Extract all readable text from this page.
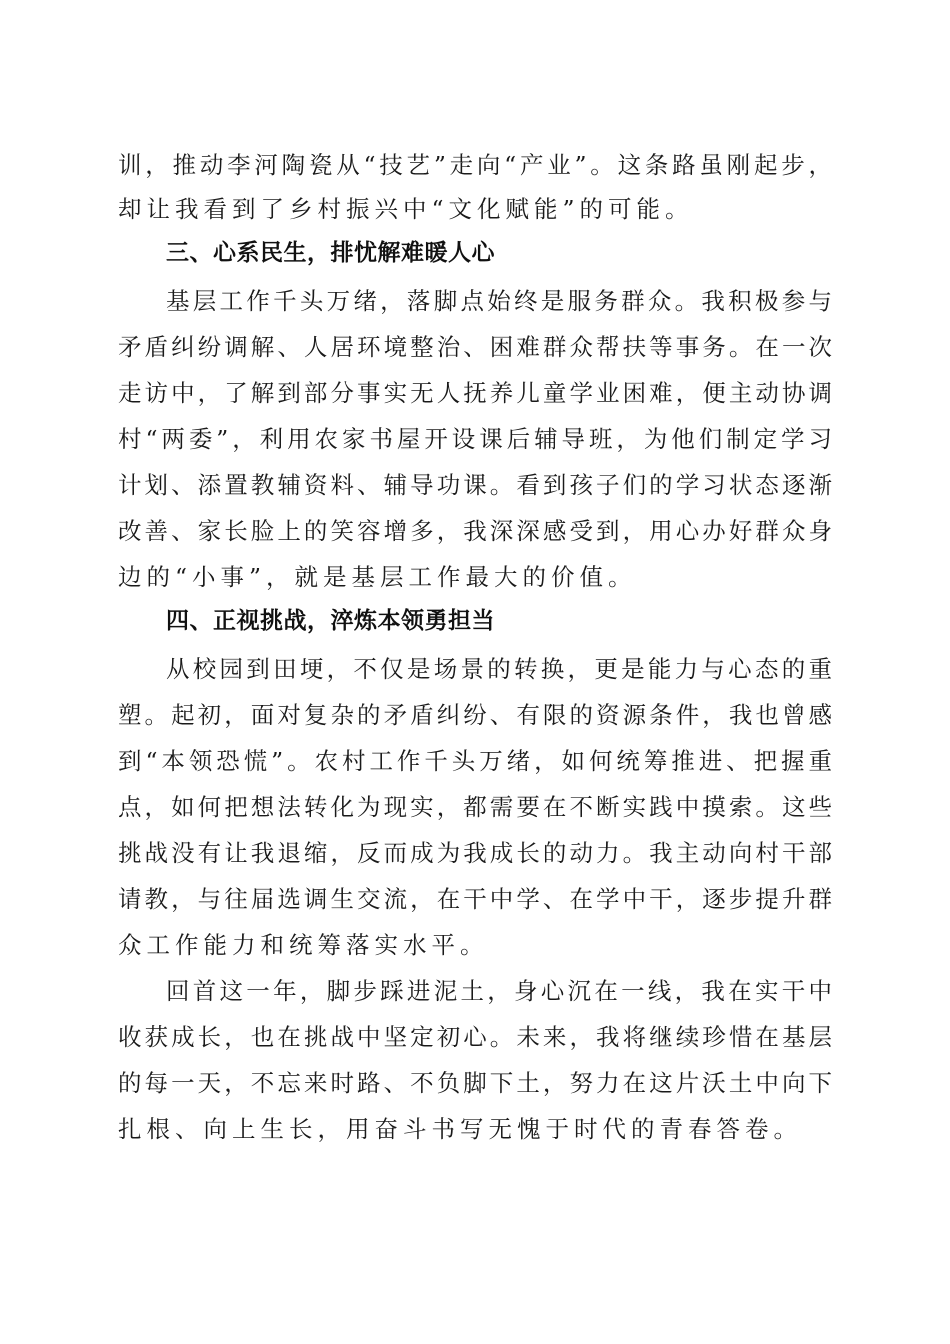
训，推动李河陶瓷从“技艺”走向“产业”。这条路虽刚起步，
却让我看到了乡村振兴中“文化赋能”的可能。
三、心系民生，排忧解难暖人心
基层工作千头万绪，落脚点始终是服务群众。我积极参与
矛盾纠纷调解、人居环境整治、困难群众帮扶等事务。在一次
走访中，了解到部分事实无人抚养儿童学业困难，便主动协调
村“两委”，利用农家书屋开设课后辅导班，为他们制定学习
计划、添置教辅资料、辅导功课。看到孩子们的学习状态逐渐
改善、家长脸上的笑容增多，我深深感受到，用心办好群众身
边的“小事”，就是基层工作最大的价值。
四、正视挑战，淬炼本领勇担当
从校园到田埂，不仅是场景的转换，更是能力与心态的重
塑。起初，面对复杂的矛盾纠纷、有限的资源条件，我也曾感
到“本领恐慌”。农村工作千头万绪，如何统筹推进、把握重
点，如何把想法转化为现实，都需要在不断实践中摸索。这些
挑战没有让我退缩，反而成为我成长的动力。我主动向村干部
请教，与往届选调生交流，在干中学、在学中干，逐步提升群
众工作能力和统筹落实水平。
回首这一年，脚步踩进泥土，身心沉在一线，我在实干中
收获成长，也在挑战中坚定初心。未来，我将继续珍惜在基层
的每一天，不忘来时路、不负脚下土，努力在这片沃土中向下
扎根、向上生长，用奋斗书写无愧于时代的青春答卷。
